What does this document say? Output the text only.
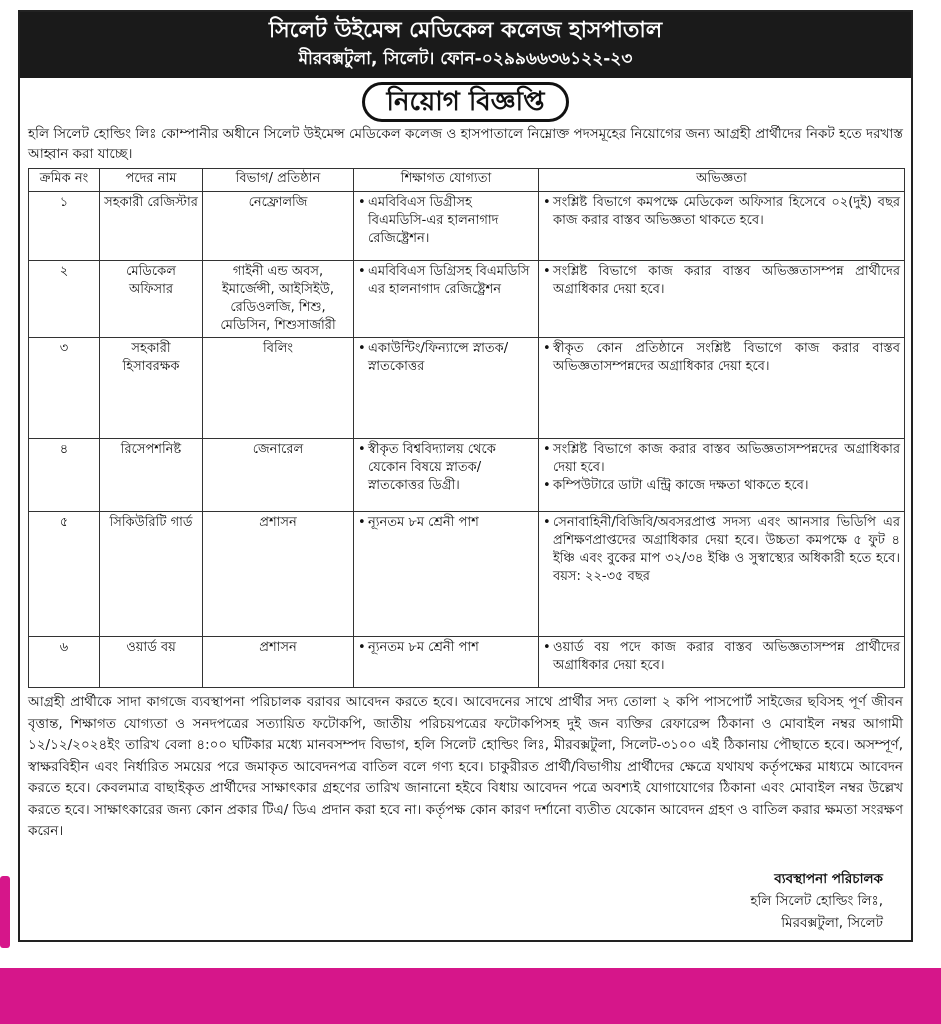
সিলেট উইমেন্স মেডিকেল কলেজ হাসপাতাল
মীরবক্সটুলা, সিলেট। ফোন-০২৯৯৬৬৩৬১২২-২৩
নিয়োগ বিজ্ঞপ্তি
হলি সিলেট হোল্ডিং লিঃ কোম্পানীর অধীনে সিলেট উইমেন্স মেডিকেল কলেজ ও হাসপাতালে নিম্নোক্ত পদসমূহের নিয়োগের জন্য আগ্রহী প্রার্থীদের নিকট হতে দরখাস্ত আহ্বান করা যাচ্ছে।
ক্রমিক নং	পদের নাম	বিভাগ/ প্রতিষ্ঠান	শিক্ষাগত যোগ্যতা	অভিজ্ঞতা
১	সহকারী রেজিস্টার	নেফ্রোলজি	• এমবিবিএস ডিগ্রীসহ বিএমডিসি-এর হালনাগাদ রেজিষ্ট্রেশন।	• সংশ্লিষ্ট বিভাগে কমপক্ষে মেডিকেল অফিসার হিসেবে ০২(দুই) বছর কাজ করার বাস্তব অভিজ্ঞতা থাকতে হবে।

২	মেডিকেল অফিসার	গাইনী এন্ড অবস, ইমার্জেন্সী, আইসিইউ, রেডিওলজি, শিশু, মেডিসিন, শিশুসার্জারী	• এমবিবিএস ডিগ্রিসহ বিএমডিসি এর হালনাগাদ রেজিষ্ট্রেশন	• সংশ্লিষ্ট বিভাগে কাজ করার বাস্তব অভিজ্ঞতাসম্পন্ন প্রার্থীদের অগ্রাধিকার দেয়া হবে।

৩	সহকারী হিসাবরক্ষক	বিলিং	• একাউন্টিং/ফিন্যান্সে স্নাতক/ স্নাতকোত্তর	• স্বীকৃত কোন প্রতিষ্ঠানে সংশ্লিষ্ট বিভাগে কাজ করার বাস্তব অভিজ্ঞতাসম্পন্নদের অগ্রাধিকার দেয়া হবে।

৪	রিসেপশনিষ্ট	জেনারেল	• স্বীকৃত বিশ্ববিদ্যালয় থেকে যেকোন বিষয়ে স্নাতক/স্নাতকোত্তর ডিগ্রী।	• সংশ্লিষ্ট বিভাগে কাজ করার বাস্তব অভিজ্ঞতাসম্পন্নদের অগ্রাধিকার দেয়া হবে।
• কম্পিউটারে ডাটা এন্ট্রি কাজে দক্ষতা থাকতে হবে।

৫	সিকিউরিটি গার্ড	প্রশাসন	• ন্যূনতম ৮ম শ্রেনী পাশ	• সেনাবাহিনী/বিজিবি/অবসরপ্রাপ্ত সদস্য এবং আনসার ভিডিপি এর প্রশিক্ষণপ্রাপ্তদের অগ্রাধিকার দেয়া হবে। উচ্চতা কমপক্ষে ৫ ফুট ৪ ইঞ্চি এবং বুকের মাপ ৩২/৩৪ ইঞ্চি ও সুস্বাস্থ্যের অধিকারী হতে হবে। বয়স: ২২-৩৫ বছর

৬	ওয়ার্ড বয়	প্রশাসন	• ন্যূনতম ৮ম শ্রেনী পাশ	• ওয়ার্ড বয় পদে কাজ করার বাস্তব অভিজ্ঞতাসম্পন্ন প্রার্থীদের অগ্রাধিকার দেয়া হবে।
আগ্রহী প্রার্থীকে সাদা কাগজে ব্যবস্থাপনা পরিচালক বরাবর আবেদন করতে হবে। আবেদনের সাথে প্রার্থীর সদ্য তোলা ২ কপি পাসপোর্ট সাইজের ছবিসহ পূর্ণ জীবন বৃত্তান্ত, শিক্ষাগত যোগ্যতা ও সনদপত্রের সত্যায়িত ফটোকপি, জাতীয় পরিচয়পত্রের ফটোকপিসহ দুই জন ব্যক্তির রেফারেন্স ঠিকানা ও মোবাইল নম্বর আগামী ১২/১২/২০২৪ইং তারিখ বেলা ৪:০০ ঘটিকার মধ্যে মানবসম্পদ বিভাগ, হলি সিলেট হোল্ডিং লিঃ, মীরবক্সটুলা, সিলেট-৩১০০ এই ঠিকানায় পৌছাতে হবে। অসম্পূর্ণ, স্বাক্ষরবিহীন এবং নির্ধারিত সময়ের পরে জমাকৃত আবেদনপত্র বাতিল বলে গণ্য হবে। চাকুরীরত প্রার্থী/বিভাগীয় প্রার্থীদের ক্ষেত্রে যথাযথ কর্তৃপক্ষের মাধ্যমে আবেদন করতে হবে। কেবলমাত্র বাছাইকৃত প্রার্থীদের সাক্ষাৎকার গ্রহণের তারিখ জানানো হইবে বিধায় আবেদন পত্রে অবশ্যই যোগাযোগের ঠিকানা এবং মোবাইল নম্বর উল্লেখ করতে হবে। সাক্ষাৎকারের জন্য কোন প্রকার টিএ/ ডিএ প্রদান করা হবে না। কর্তৃপক্ষ কোন কারণ দর্শানো ব্যতীত যেকোন আবেদন গ্রহণ ও বাতিল করার ক্ষমতা সংরক্ষণ করেন।
ব্যবস্থাপনা পরিচালক
হলি সিলেট হোল্ডিং লিঃ,
মিরবক্সটুলা, সিলেট
